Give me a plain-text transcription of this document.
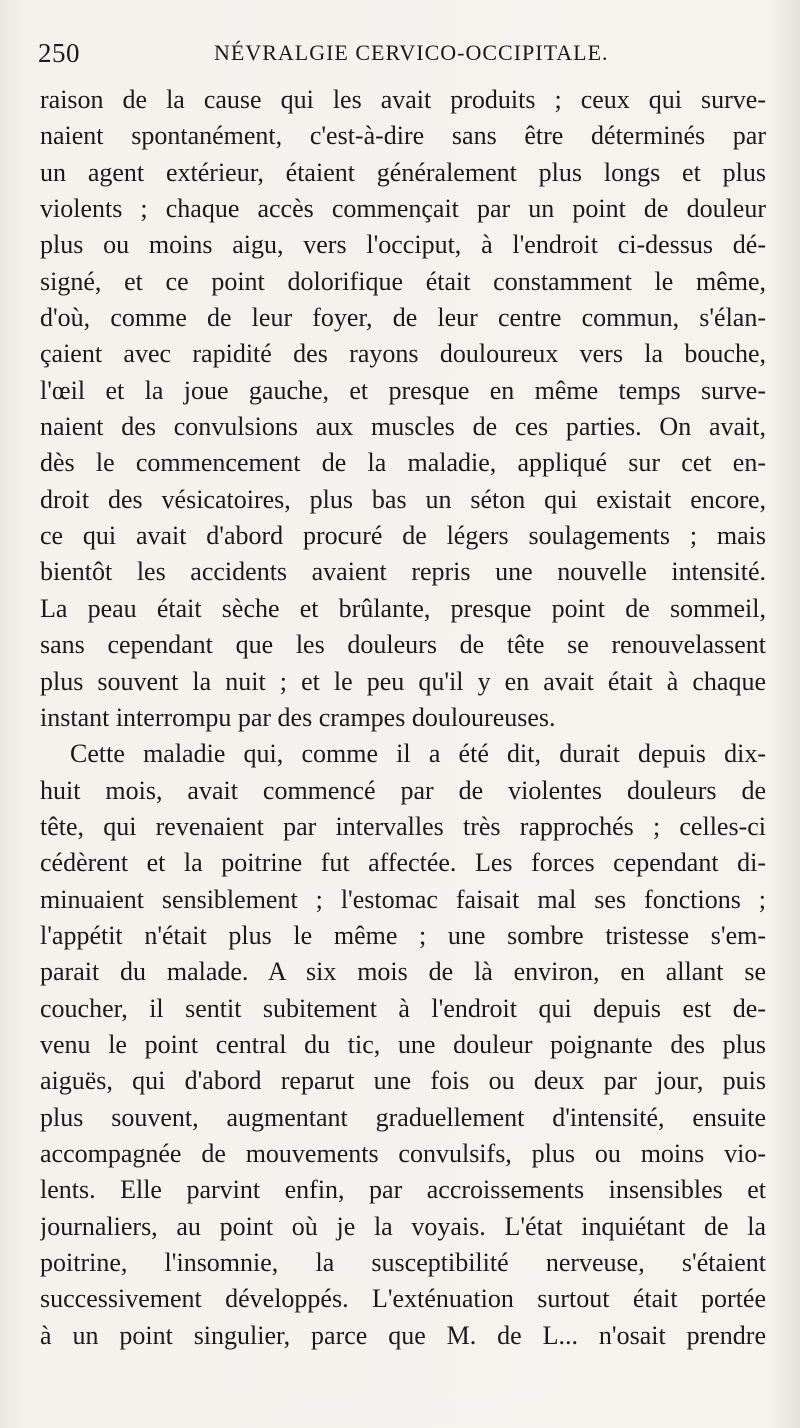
250	NÉVRALGIE CERVICO-OCCIPITALE.
raison de la cause qui les avait produits ; ceux qui surve-
naient spontanément, c'est-à-dire sans être déterminés par
un agent extérieur, étaient généralement plus longs et plus
violents ; chaque accès commençait par un point de douleur
plus ou moins aigu, vers l'occiput, à l'endroit ci-dessus dé-
signé, et ce point dolorifique était constamment le même,
d'où, comme de leur foyer, de leur centre commun, s'élan-
çaient avec rapidité des rayons douloureux vers la bouche,
l'œil et la joue gauche, et presque en même temps surve-
naient des convulsions aux muscles de ces parties. On avait,
dès le commencement de la maladie, appliqué sur cet en-
droit des vésicatoires, plus bas un séton qui existait encore,
ce qui avait d'abord procuré de légers soulagements ; mais
bientôt les accidents avaient repris une nouvelle intensité.
La peau était sèche et brûlante, presque point de sommeil,
sans cependant que les douleurs de tête se renouvelassent
plus souvent la nuit ; et le peu qu'il y en avait était à chaque
instant interrompu par des crampes douloureuses.
Cette maladie qui, comme il a été dit, durait depuis dix-
huit mois, avait commencé par de violentes douleurs de
tête, qui revenaient par intervalles très rapprochés ; celles-ci
cédèrent et la poitrine fut affectée. Les forces cependant di-
minuaient sensiblement ; l'estomac faisait mal ses fonctions ;
l'appétit n'était plus le même ; une sombre tristesse s'em-
parait du malade. A six mois de là environ, en allant se
coucher, il sentit subitement à l'endroit qui depuis est de-
venu le point central du tic, une douleur poignante des plus
aiguës, qui d'abord reparut une fois ou deux par jour, puis
plus souvent, augmentant graduellement d'intensité, ensuite
accompagnée de mouvements convulsifs, plus ou moins vio-
lents. Elle parvint enfin, par accroissements insensibles et
journaliers, au point où je la voyais. L'état inquiétant de la
poitrine, l'insomnie, la susceptibilité nerveuse, s'étaient
successivement développés. L'exténuation surtout était portée
à un point singulier, parce que M. de L... n'osait prendre
